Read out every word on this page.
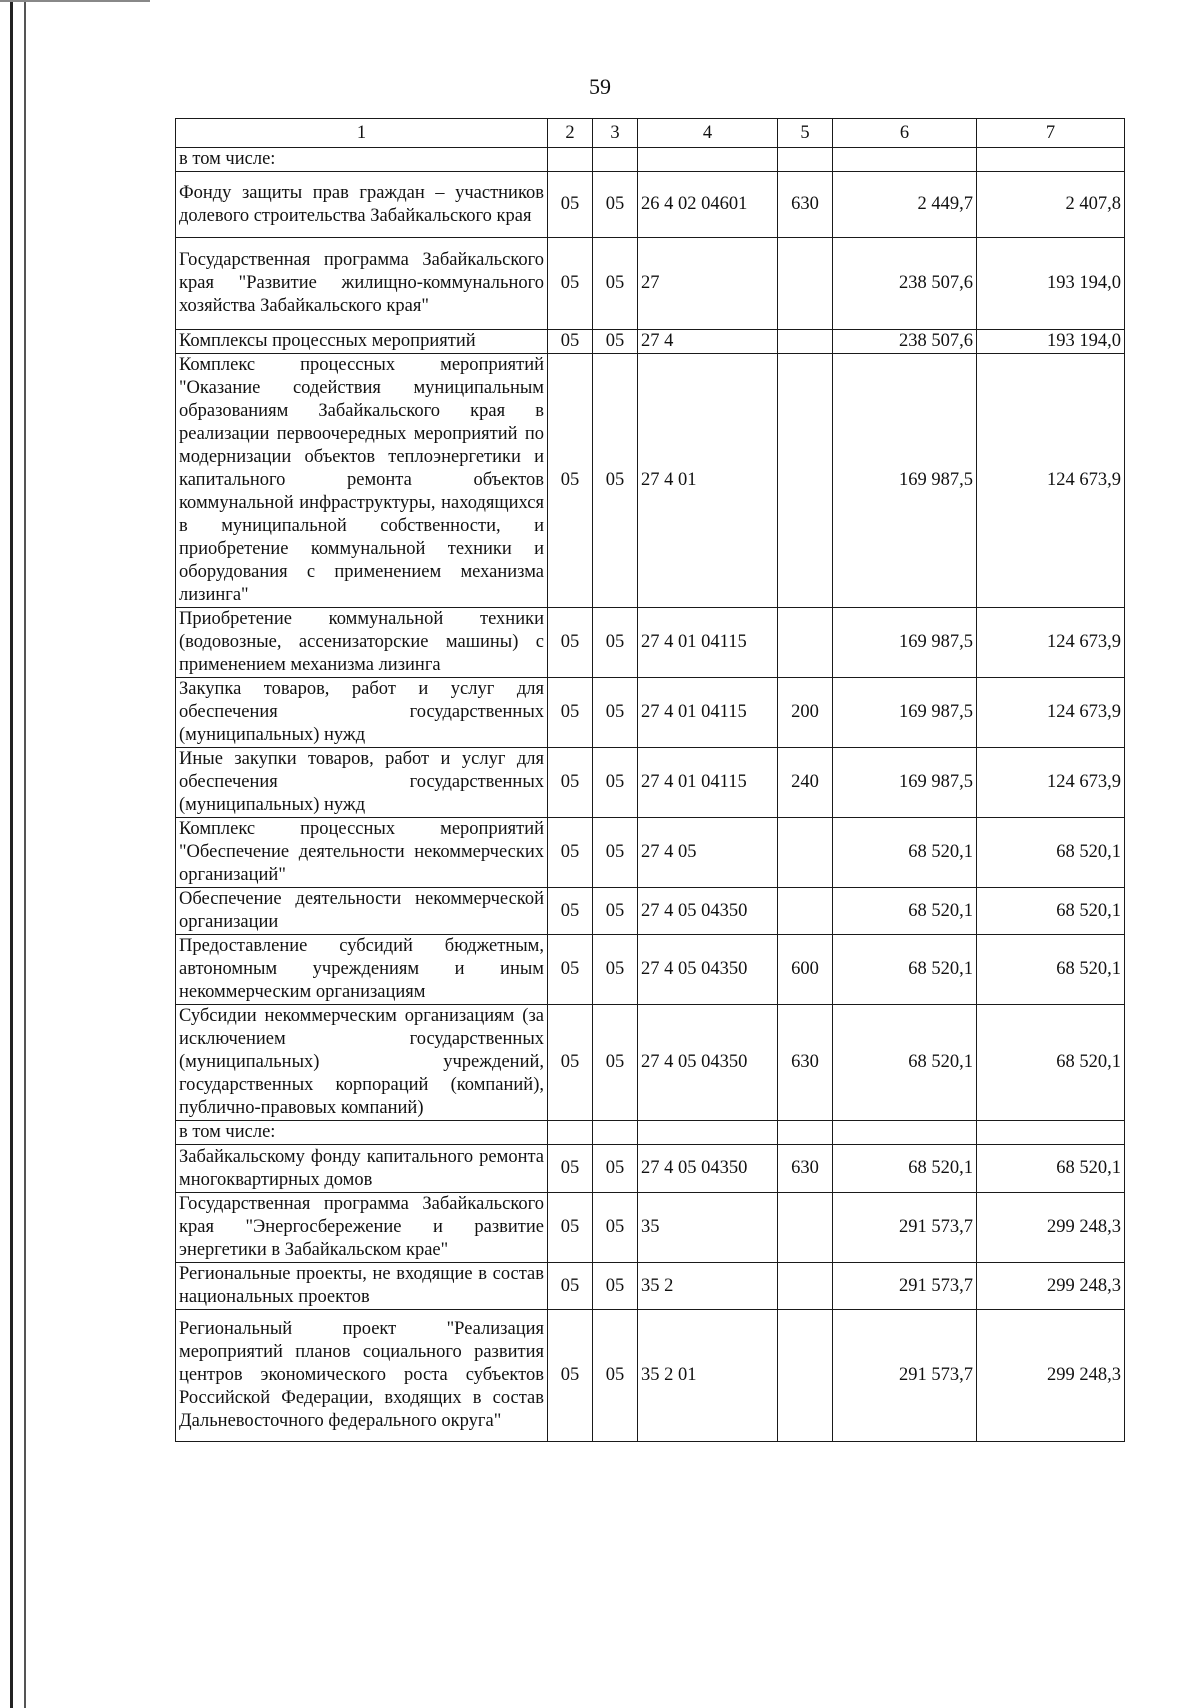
59
1	2	3	4	5	6	7
в том числе:						
Фонду защиты прав граждан – участников долевого строительства Забайкальского края	05	05	26 4 02 04601	630	2 449,7	2 407,8
Государственная программа Забайкальского края "Развитие жилищно-коммунального хозяйства Забайкальского края"	05	05	27		238 507,6	193 194,0
Комплексы процессных мероприятий	05	05	27 4		238 507,6	193 194,0
Комплекс процессных мероприятий "Оказание содействия муниципальным образованиям Забайкальского края в реализации первоочередных мероприятий по модернизации объектов теплоэнергетики и капитального ремонта объектов коммунальной инфраструктуры, находящихся в муниципальной собственности, и приобретение коммунальной техники и оборудования с применением механизма лизинга"	05	05	27 4 01		169 987,5	124 673,9
Приобретение коммунальной техники (водовозные, ассенизаторские машины) с применением механизма лизинга	05	05	27 4 01 04115		169 987,5	124 673,9
Закупка товаров, работ и услуг для обеспечения государственных (муниципальных) нужд	05	05	27 4 01 04115	200	169 987,5	124 673,9
Иные закупки товаров, работ и услуг для обеспечения государственных (муниципальных) нужд	05	05	27 4 01 04115	240	169 987,5	124 673,9
Комплекс процессных мероприятий "Обеспечение деятельности некоммерческих организаций"	05	05	27 4 05		68 520,1	68 520,1
Обеспечение деятельности некоммерческой организации	05	05	27 4 05 04350		68 520,1	68 520,1
Предоставление субсидий бюджетным, автономным учреждениям и иным некоммерческим организациям	05	05	27 4 05 04350	600	68 520,1	68 520,1
Субсидии некоммерческим организациям (за исключением государственных (муниципальных) учреждений, государственных корпораций (компаний), публично-правовых компаний)	05	05	27 4 05 04350	630	68 520,1	68 520,1
в том числе:						
Забайкальскому фонду капитального ремонта многоквартирных домов	05	05	27 4 05 04350	630	68 520,1	68 520,1
Государственная программа Забайкальского края "Энергосбережение и развитие энергетики в Забайкальском крае"	05	05	35		291 573,7	299 248,3
Региональные проекты, не входящие в состав национальных проектов	05	05	35 2		291 573,7	299 248,3
Региональный проект "Реализация мероприятий планов социального развития центров экономического роста субъектов Российской Федерации, входящих в состав Дальневосточного федерального округа"	05	05	35 2 01		291 573,7	299 248,3
